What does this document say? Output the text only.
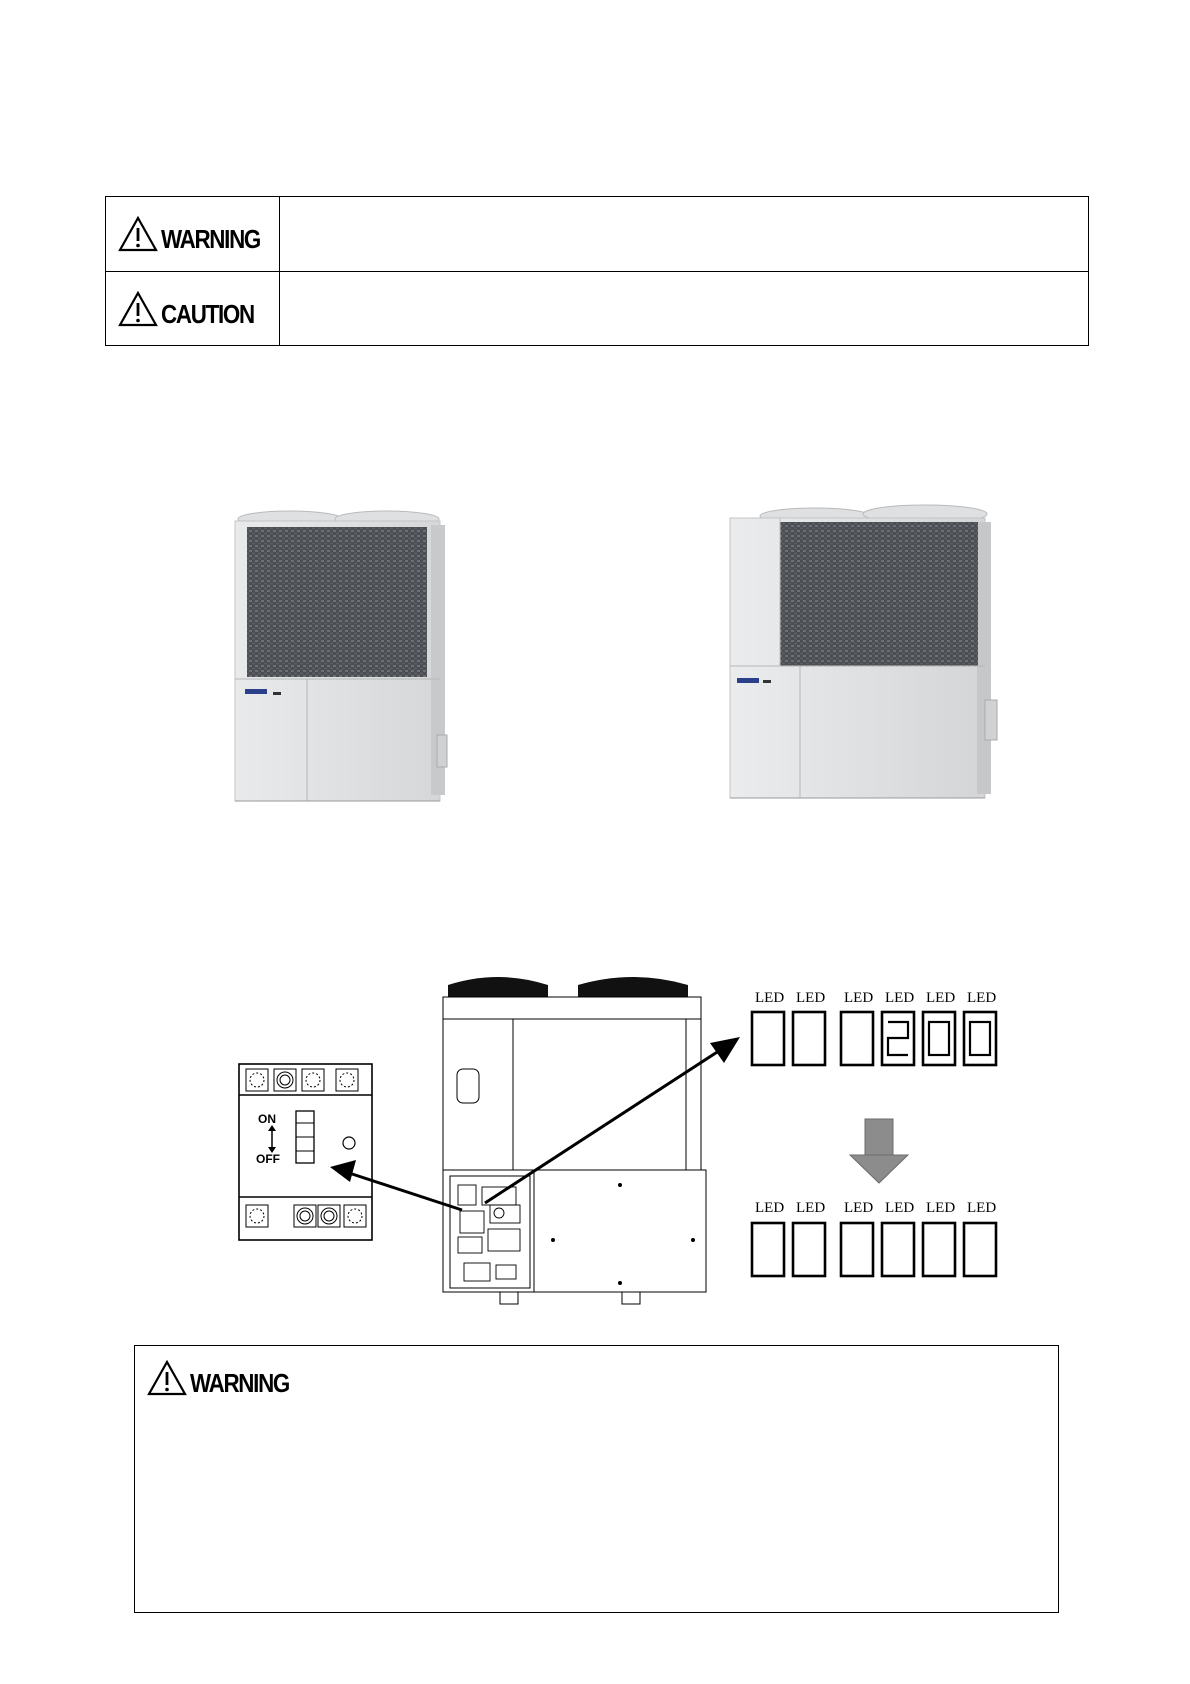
WARNING
CAUTION
ON
OFF
LED LED LED LED LED LED
LED LED LED LED LED LED
WARNING
